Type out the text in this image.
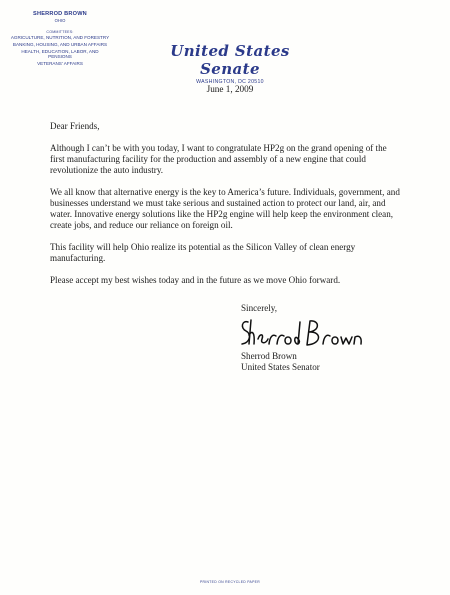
SHERROD BROWN
OHIO
COMMITTEES:
AGRICULTURE, NUTRITION, AND FORESTRY
BANKING, HOUSING, AND URBAN AFFAIRS
HEALTH, EDUCATION, LABOR, AND PENSIONS
VETERANS' AFFAIRS
United States Senate
WASHINGTON, DC 20510
June 1, 2009

Dear Friends,

Although I can’t be with you today, I want to congratulate HP2g on the grand opening of the first manufacturing facility for the production and assembly of a new engine that could revolutionize the auto industry.

We all know that alternative energy is the key to America’s future. Individuals, government, and businesses understand we must take serious and sustained action to protect our land, air, and water. Innovative energy solutions like the HP2g engine will help keep the environment clean, create jobs, and reduce our reliance on foreign oil.

This facility will help Ohio realize its potential as the Silicon Valley of clean energy manufacturing.

Please accept my best wishes today and in the future as we move Ohio forward.

Sincerely,
Sherrod Brown
United States Senator
PRINTED ON RECYCLED PAPER
